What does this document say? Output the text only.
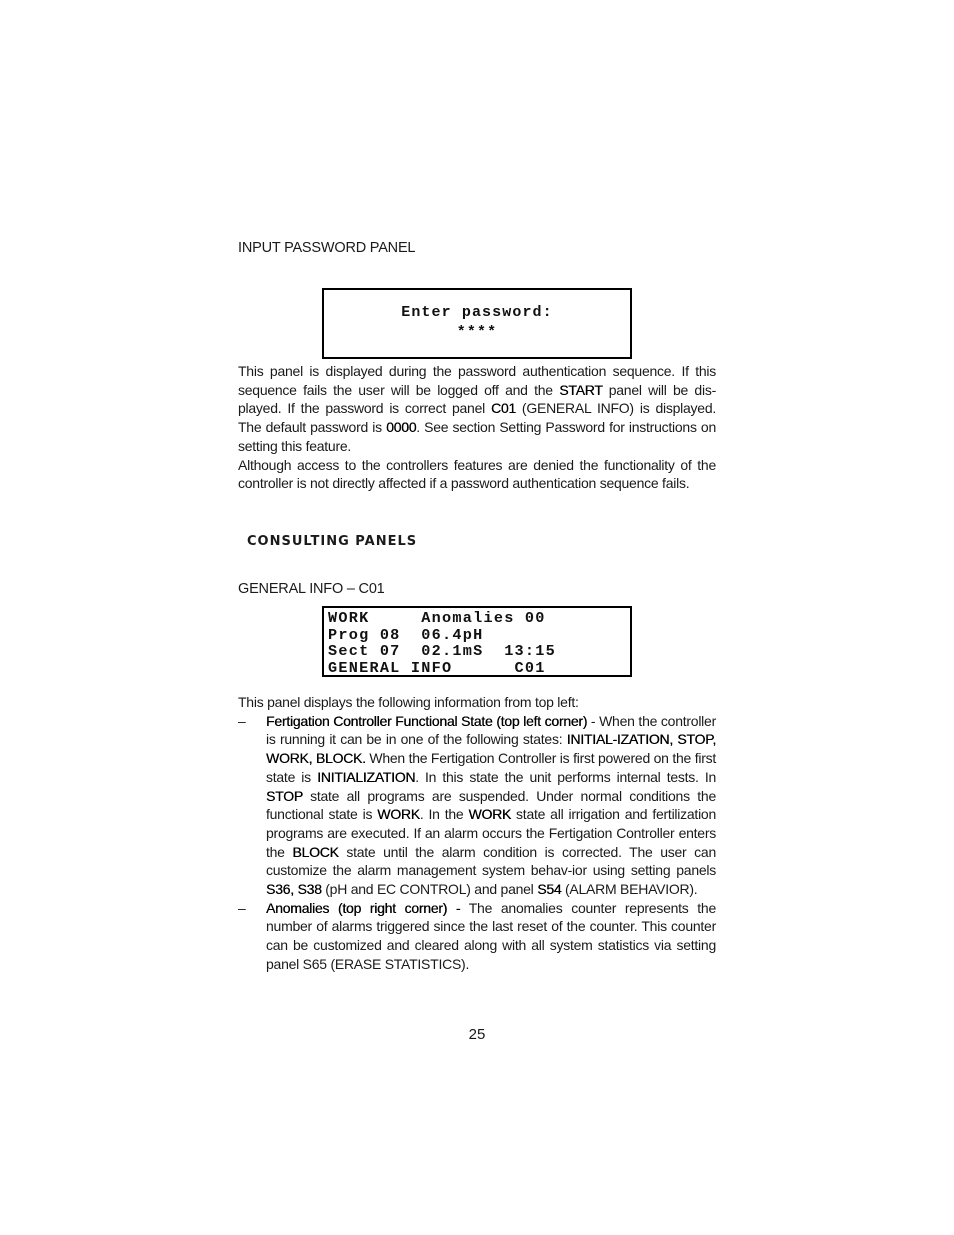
INPUT PASSWORD PANEL
Enter password:
****

This panel is displayed during the password authentication sequence. If this sequence fails the user will be logged off and the START panel will be dis-played. If the password is correct panel C01 (GENERAL INFO) is displayed. The default password is 0000. See section Setting Password for instructions on setting this feature.

Although access to the controllers features are denied the functionality of the controller is not directly affected if a password authentication sequence fails.

CONSULTING PANELS
GENERAL INFO – C01
WORK     Anomalies 00
Prog 08  06.4pH
Sect 07  02.1mS  13:15
GENERAL INFO      C01
This panel displays the following information from top left:
– Fertigation Controller Functional State (top left corner) - When the controller is running it can be in one of the following states: INITIAL-IZATION, STOP, WORK, BLOCK. When the Fertigation Controller is first powered on the first state is INITIALIZATION. In this state the unit performs internal tests. In STOP state all programs are suspended. Under normal conditions the functional state is WORK. In the WORK state all irrigation and fertilization programs are executed. If an alarm occurs the Fertigation Controller enters the BLOCK state until the alarm condition is corrected. The user can customize the alarm management system behav-ior using setting panels S36, S38 (pH and EC CONTROL) and panel S54 (ALARM BEHAVIOR).
– Anomalies (top right corner) - The anomalies counter represents the number of alarms triggered since the last reset of the counter. This counter can be customized and cleared along with all system statistics via setting panel S65 (ERASE STATISTICS).
25
